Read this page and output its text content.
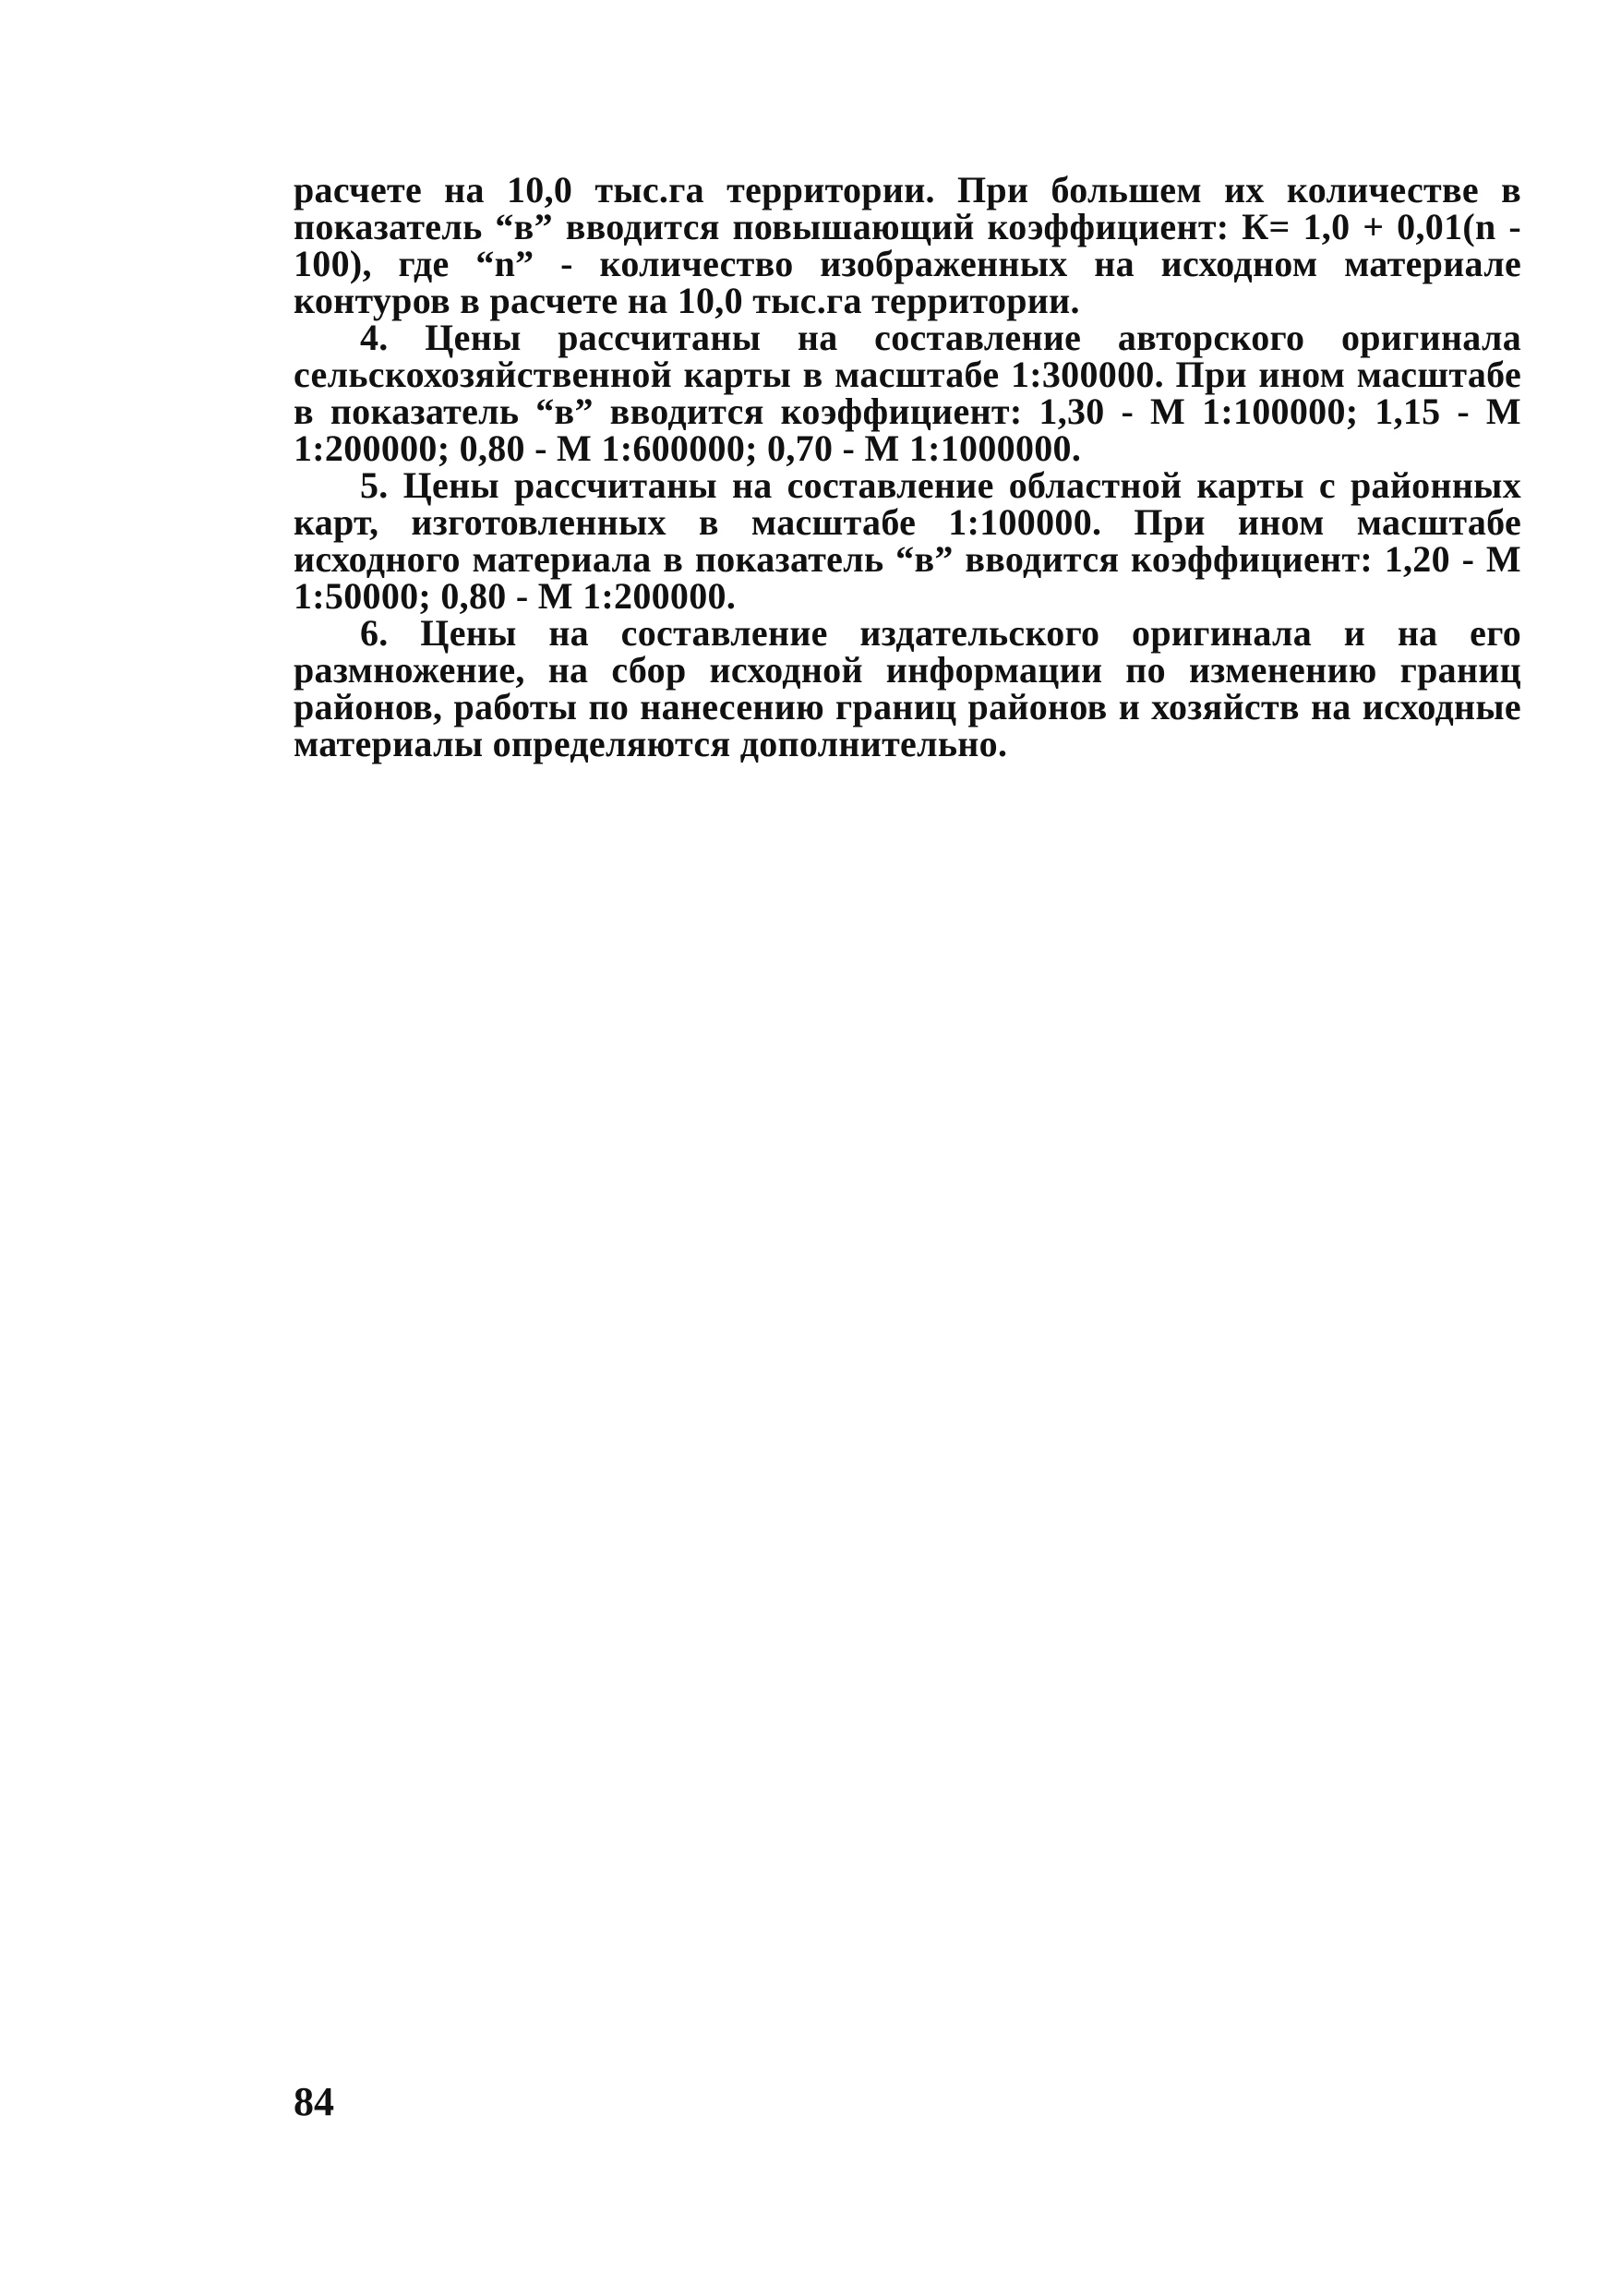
расчете на 10,0 тыс.га территории. При большем их количестве в показатель “в” вводится повышающий коэффициент: К= 1,0 + 0,01(n - 100), где “n” - количество изображенных на исходном материале контуров в расчете на 10,0 тыс.га территории.

4. Цены рассчитаны на составление авторского оригинала сельскохозяйственной карты в масштабе 1:300000. При ином масштабе в показатель “в” вводится коэффициент: 1,30 - М 1:100000; 1,15 - М 1:200000; 0,80 - М 1:600000; 0,70 - М 1:1000000.

5. Цены рассчитаны на составление областной карты с районных карт, изготовленных в масштабе 1:100000. При ином масштабе исходного материала в показатель “в” вводится коэффициент: 1,20 - М 1:50000; 0,80 - М 1:200000.

6. Цены на составление издательского оригинала и на его размножение, на сбор исходной информации по изменению границ районов, работы по нанесению границ районов и хозяйств на исходные материалы определяются дополнительно.

84
